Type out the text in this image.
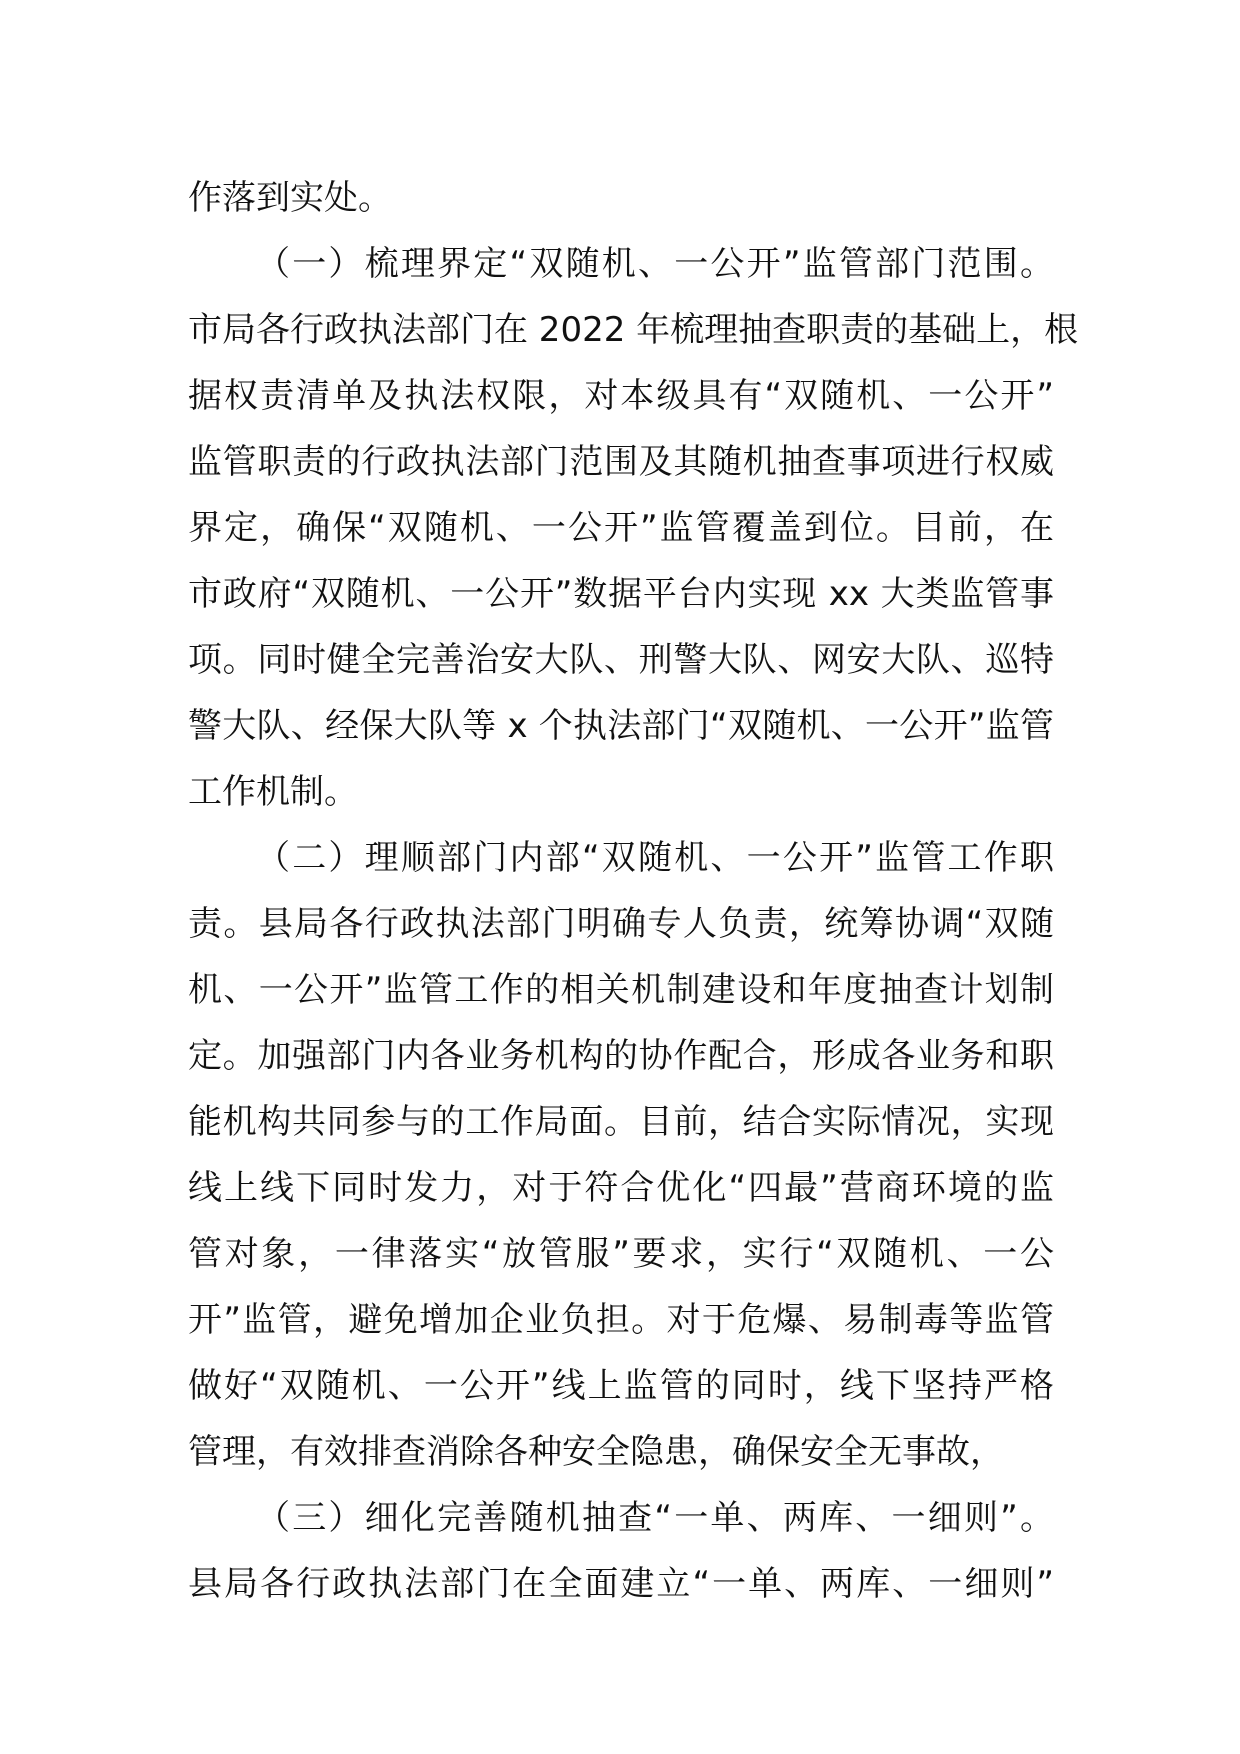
作落到实处。
（一）梳理界定“双随机、一公开”监管部门范围。
市局各行政执法部门在 2022 年梳理抽查职责的基础上，根
据权责清单及执法权限，对本级具有“双随机、一公开”
监管职责的行政执法部门范围及其随机抽查事项进行权威
界定，确保“双随机、一公开”监管覆盖到位。目前，在
市政府“双随机、一公开”数据平台内实现 xx 大类监管事
项。同时健全完善治安大队、刑警大队、网安大队、巡特
警大队、经保大队等 x 个执法部门“双随机、一公开”监管
工作机制。
（二）理顺部门内部“双随机、一公开”监管工作职
责。县局各行政执法部门明确专人负责，统筹协调“双随
机、一公开”监管工作的相关机制建设和年度抽查计划制
定。加强部门内各业务机构的协作配合，形成各业务和职
能机构共同参与的工作局面。目前，结合实际情况，实现
线上线下同时发力，对于符合优化“四最”营商环境的监
管对象，一律落实“放管服”要求，实行“双随机、一公
开”监管，避免增加企业负担。对于危爆、易制毒等监管
做好“双随机、一公开”线上监管的同时，线下坚持严格
管理，有效排查消除各种安全隐患，确保安全无事故，
（三）细化完善随机抽查“一单、两库、一细则”。
县局各行政执法部门在全面建立“一单、两库、一细则”
